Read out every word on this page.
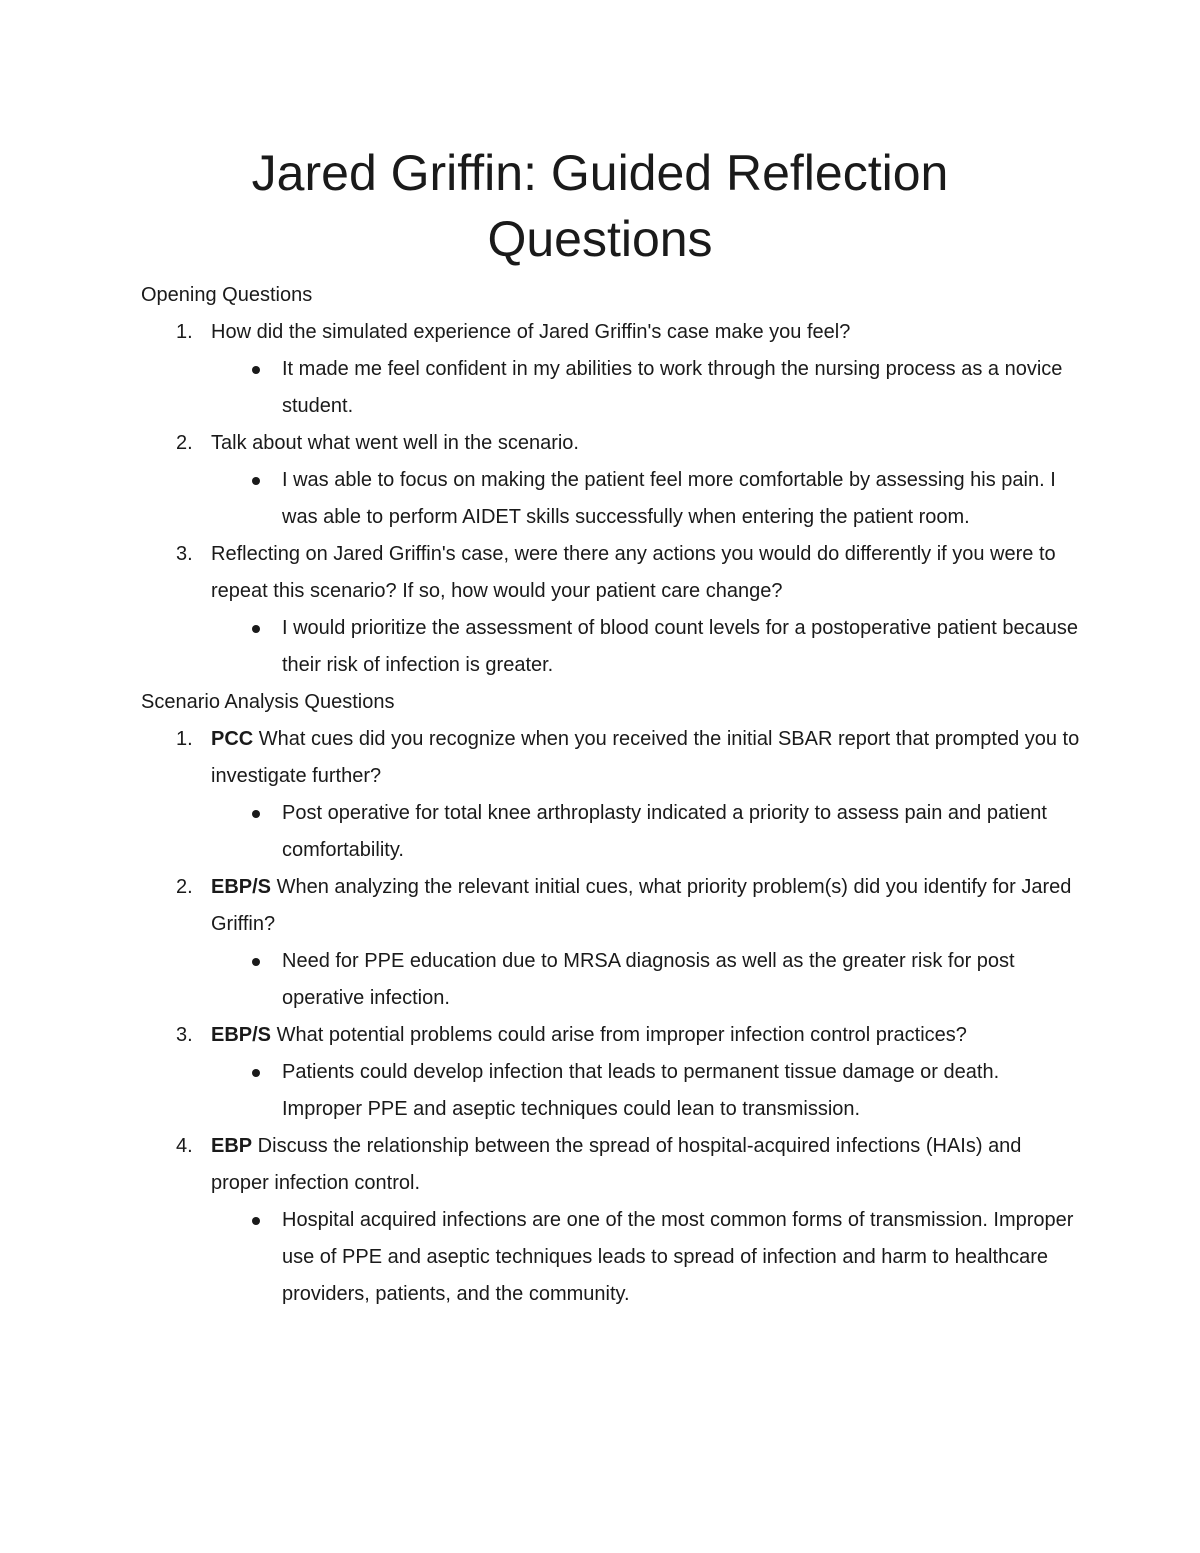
Jared Griffin: Guided Reflection
Questions
Opening Questions
1. How did the simulated experience of Jared Griffin's case make you feel?
It made me feel confident in my abilities to work through the nursing process as a novice student.
2. Talk about what went well in the scenario.
I was able to focus on making the patient feel more comfortable by assessing his pain. I was able to perform AIDET skills successfully when entering the patient room.
3. Reflecting on Jared Griffin's case, were there any actions you would do differently if you were to repeat this scenario? If so, how would your patient care change?
I would prioritize the assessment of blood count levels for a postoperative patient because their risk of infection is greater.
Scenario Analysis Questions
1. PCC What cues did you recognize when you received the initial SBAR report that prompted you to investigate further?
Post operative for total knee arthroplasty indicated a priority to assess pain and patient comfortability.
2. EBP/S When analyzing the relevant initial cues, what priority problem(s) did you identify for Jared Griffin?
Need for PPE education due to MRSA diagnosis as well as the greater risk for post operative infection.
3. EBP/S What potential problems could arise from improper infection control practices?
Patients could develop infection that leads to permanent tissue damage or death. Improper PPE and aseptic techniques could lean to transmission.
4. EBP Discuss the relationship between the spread of hospital-acquired infections (HAIs) and proper infection control.
Hospital acquired infections are one of the most common forms of transmission. Improper use of PPE and aseptic techniques leads to spread of infection and harm to healthcare providers, patients, and the community.
